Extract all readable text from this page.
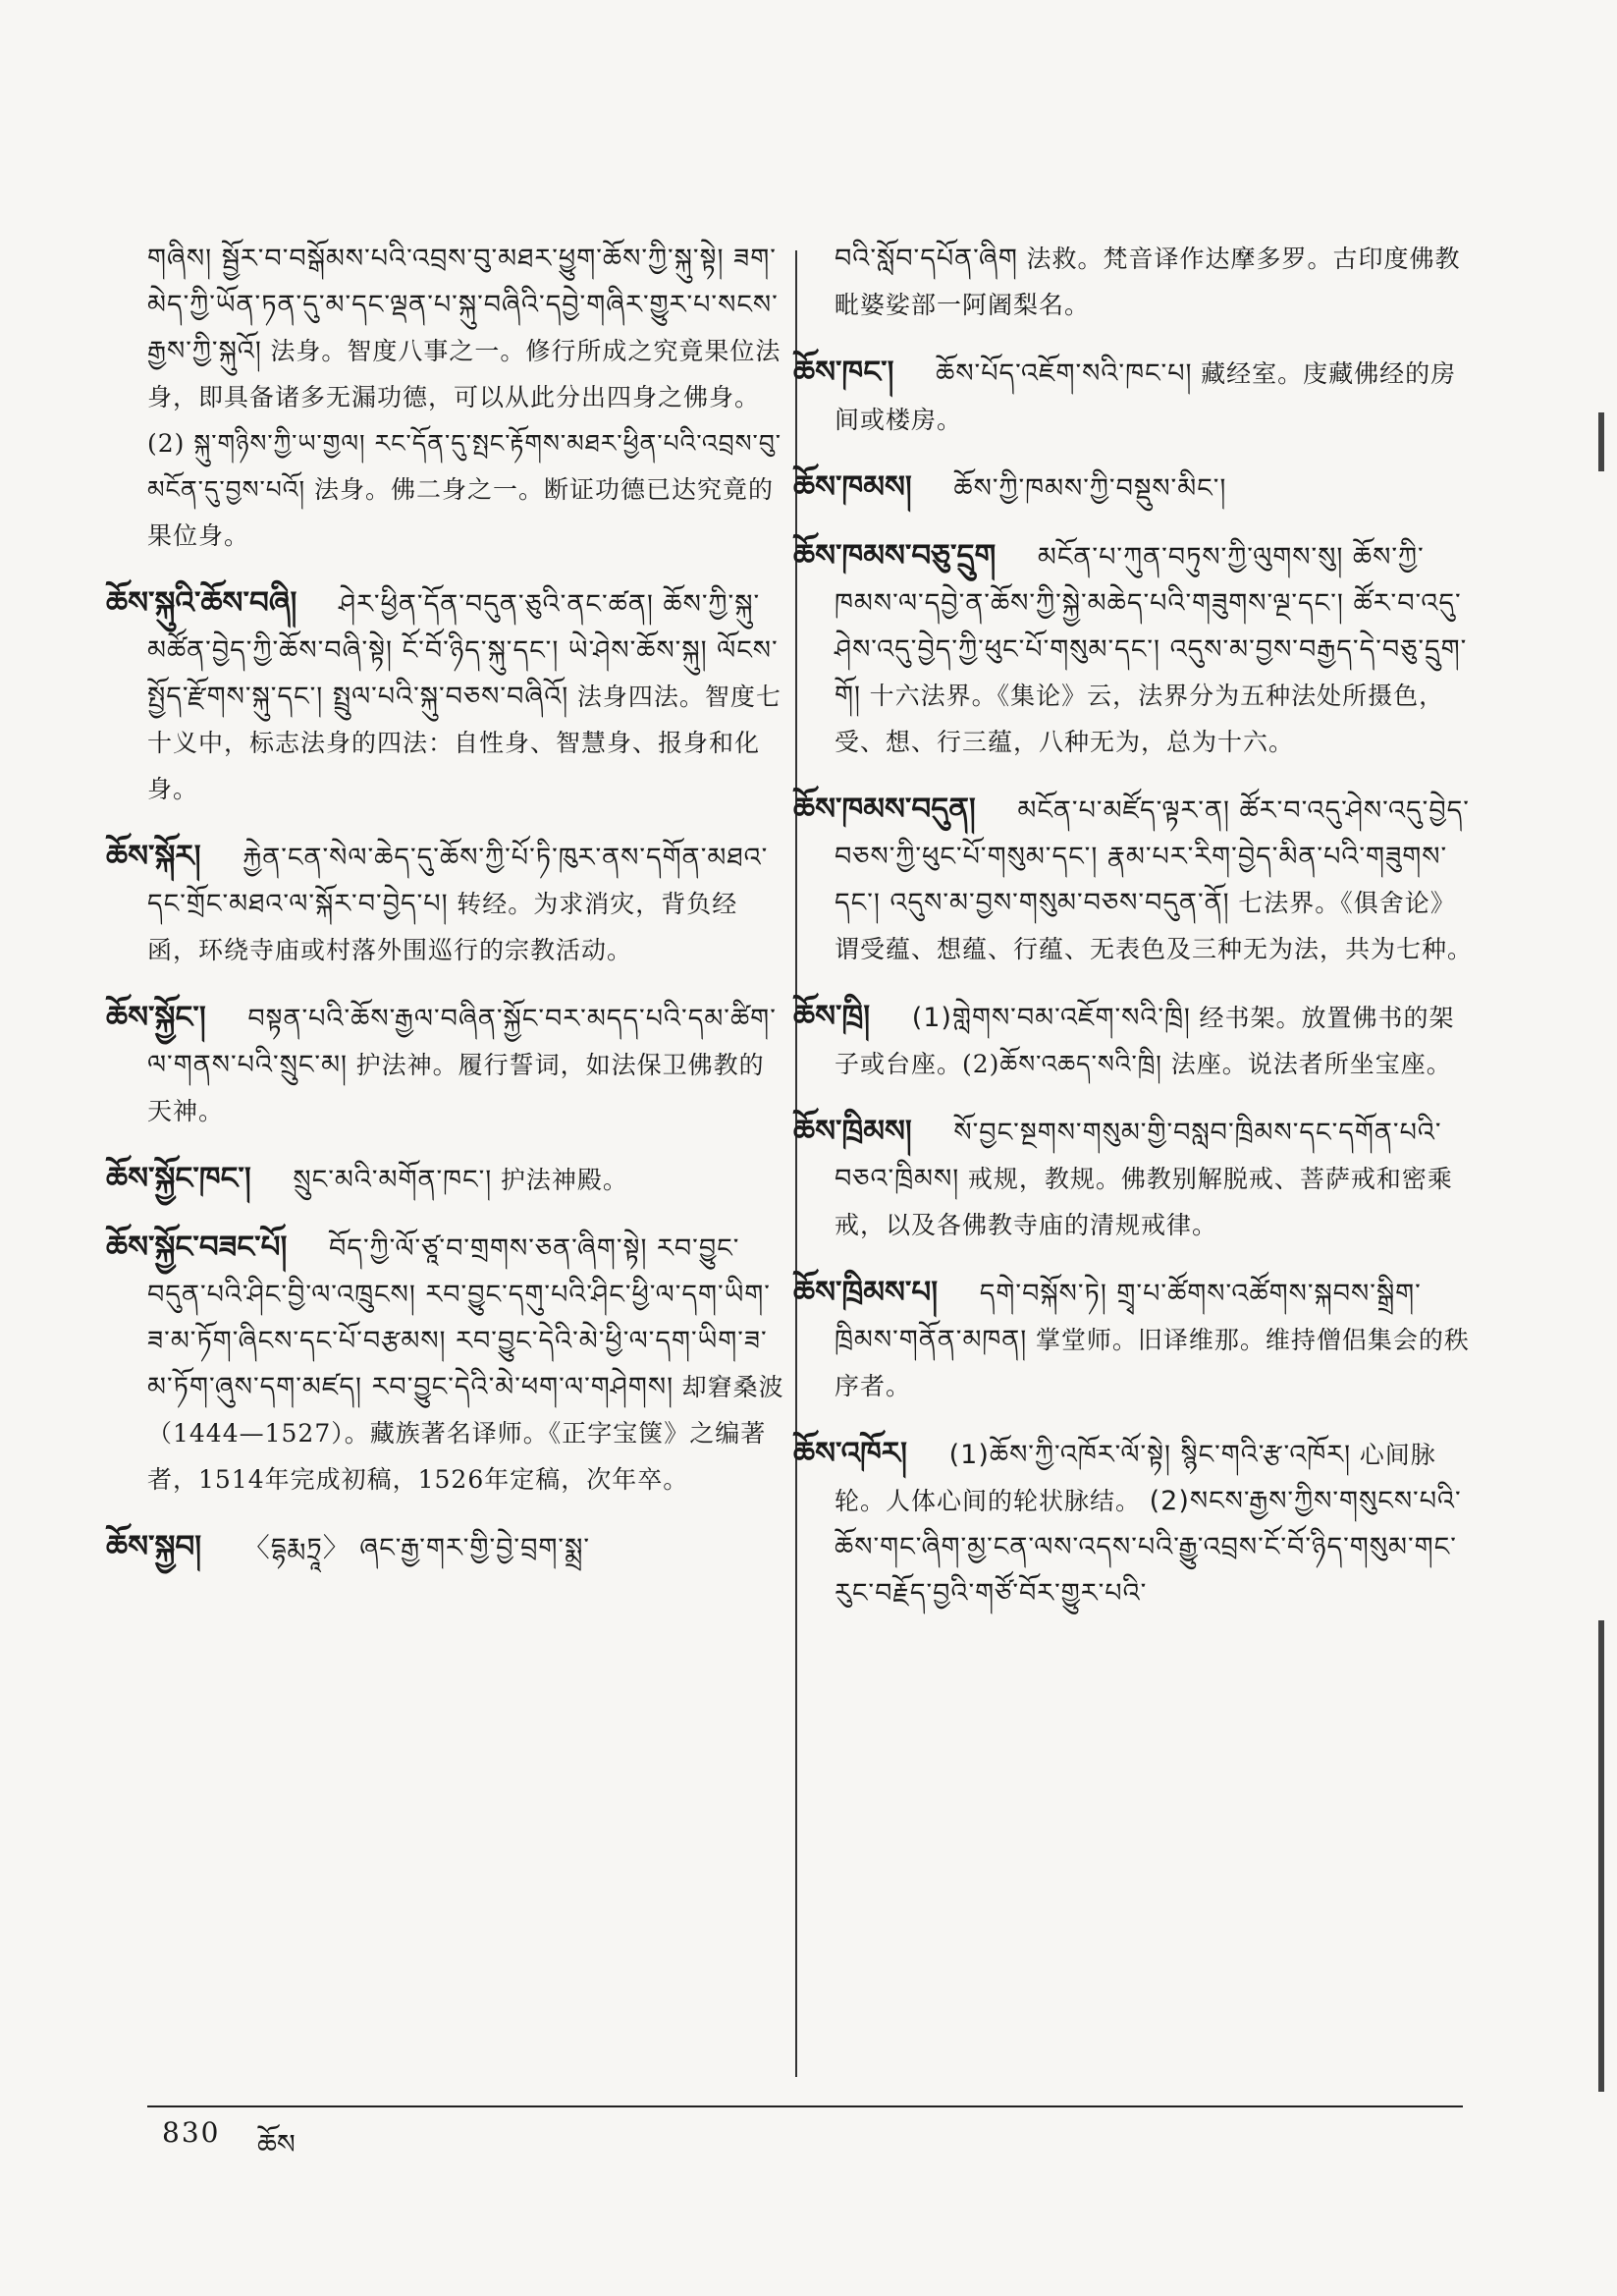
གཞིས། སྦྱོར་བ་བསྒོམས་པའི་འབྲས་བུ་མཐར་ཕྱུག་ཆོས་ཀྱི་སྐུ་སྟེ། ཟག་མེད་ཀྱི་ཡོན་ཏན་དུ་མ་དང་ལྡན་པ་སྐུ་བཞིའི་དབྱེ་གཞིར་གྱུར་པ་སངས་རྒྱས་ཀྱི་སྐུའོ། 法身。智度八事之一。修行所成之究竟果位法身，即具备诸多无漏功德，可以从此分出四身之佛身。(2) སྐུ་གཉིས་ཀྱི་ཡ་གྱལ། རང་དོན་དུ་སྤང་རྟོགས་མཐར་ཕྱིན་པའི་འབྲས་བུ་མངོན་དུ་བྱས་པའོ། 法身。佛二身之一。断证功德已达究竟的果位身。
ཆོས་སྐུའི་ཆོས་བཞི། ཤེར་ཕྱིན་དོན་བདུན་ཅུའི་ནང་ཚན། ཆོས་ཀྱི་སྐུ་མཚོན་བྱེད་ཀྱི་ཆོས་བཞི་སྟེ། ངོ་བོ་ཉིད་སྐུ་དང་། ཡེ་ཤེས་ཆོས་སྐུ། ལོངས་སྤྱོད་རྫོགས་སྐུ་དང་། སྤྲུལ་པའི་སྐུ་བཅས་བཞིའོ། 法身四法。智度七十义中，标志法身的四法：自性身、智慧身、报身和化身。
ཆོས་སྐོར། རྐྱེན་ངན་སེལ་ཆེད་དུ་ཆོས་ཀྱི་པོ་ཏི་ཁུར་ནས་དགོན་མཐའ་དང་གྲོང་མཐའ་ལ་སྐོར་བ་བྱེད་པ། 转经。为求消灾，背负经函，环绕寺庙或村落外围巡行的宗教活动。
ཆོས་སྐྱོང་། བསྟན་པའི་ཆོས་རྒྱལ་བཞིན་སྐྱོང་བར་མདད་པའི་དམ་ཚིག་ལ་གནས་པའི་སྲུང་མ། 护法神。履行誓词，如法保卫佛教的天神。
ཆོས་སྐྱོང་ཁང་། སྲུང་མའི་མགོན་ཁང་། 护法神殿。
ཆོས་སྐྱོང་བཟང་པོ། བོད་ཀྱི་ལོ་ཙཱ་བ་གྲགས་ཅན་ཞིག་སྟེ། རབ་བྱུང་བདུན་པའི་ཤིང་བྱི་ལ་འཁྲུངས། རབ་བྱུང་དགུ་པའི་ཤིང་ཕྱི་ལ་དག་ཡིག་ཟ་མ་ཏོག་ཞིངས་དང་པོ་བརྩམས། རབ་བྱུང་དེའི་མེ་ཕྱི་ལ་དག་ཡིག་ཟ་མ་ཏོག་ཞུས་དག་མཛད། རབ་བྱུང་དེའི་མེ་ཕག་ལ་གཤེགས། 却窘桑波（1444—1527）。藏族著名译师。《正字宝箧》之编著者，1514年完成初稿，1526年定稿，次年卒。
ཆོས་སྐྱབ། 〈དྷརྨཏྲཱ〉 ཞང་རྒྱ་གར་གྱི་བྱེ་བྲག་སྨྲ་
བའི་སློབ་དཔོན་ཞིག 法救。梵音译作达摩多罗。古印度佛教毗婆娑部一阿阇梨名。
ཆོས་ཁང་། ཆོས་པོད་འཇོག་སའི་ཁང་པ། 藏经室。庋藏佛经的房间或楼房。
ཆོས་ཁམས། ཆོས་ཀྱི་ཁམས་ཀྱི་བསྡུས་མིང་།
ཆོས་ཁམས་བཅུ་དྲུག མངོན་པ་ཀུན་བཏུས་ཀྱི་ལུགས་སུ། ཆོས་ཀྱི་ཁམས་ལ་དབྱེ་ན་ཆོས་ཀྱི་སྐྱེ་མཆེད་པའི་གཟུགས་ལྔ་དང་། ཚོར་བ་འདུ་ཤེས་འདུ་བྱེད་ཀྱི་ཕུང་པོ་གསུམ་དང་། འདུས་མ་བྱས་བརྒྱད་དེ་བཅུ་དྲུག་གོ། 十六法界。《集论》云，法界分为五种法处所摄色，受、想、行三蕴，八种无为，总为十六。
ཆོས་ཁམས་བདུན། མངོན་པ་མཛོད་ལྟར་ན། ཚོར་བ་འདུ་ཤེས་འདུ་བྱེད་བཅས་ཀྱི་ཕུང་པོ་གསུམ་དང་། རྣམ་པར་རིག་བྱེད་མིན་པའི་གཟུགས་དང་། འདུས་མ་བྱས་གསུམ་བཅས་བདུན་ནོ། 七法界。《俱舍论》谓受蕴、想蕴、行蕴、无表色及三种无为法，共为七种。
ཆོས་ཁྲི། (1)གླེགས་བམ་འཇོག་སའི་ཁྲི། 经书架。放置佛书的架子或台座。(2)ཆོས་འཆད་སའི་ཁྲི། 法座。说法者所坐宝座。
ཆོས་ཁྲིམས། སོ་བྱང་སྔགས་གསུམ་གྱི་བསླབ་ཁྲིམས་དང་དགོན་པའི་བཅའ་ཁྲིམས། 戒规，教规。佛教别解脱戒、菩萨戒和密乘戒，以及各佛教寺庙的清规戒律。
ཆོས་ཁྲིམས་པ། དགེ་བསྐོས་ཏེ། གྲྭ་པ་ཚོགས་འཚོགས་སྐབས་སྒྲིག་ཁྲིམས་གནོན་མཁན། 掌堂师。旧译维那。维持僧侣集会的秩序者。
ཆོས་འཁོར། (1)ཆོས་ཀྱི་འཁོར་ལོ་སྟེ། སྙིང་གའི་རྩ་འཁོར། 心间脉轮。人体心间的轮状脉结。 (2)སངས་རྒྱས་ཀྱིས་གསུངས་པའི་ཆོས་གང་ཞིག་མྱ་ངན་ལས་འདས་པའི་རྒྱུ་འབྲས་ངོ་བོ་ཉིད་གསུམ་གང་རུང་བརྗོད་བྱའི་གཙོ་བོར་གྱུར་པའི་
830 ཆོས
